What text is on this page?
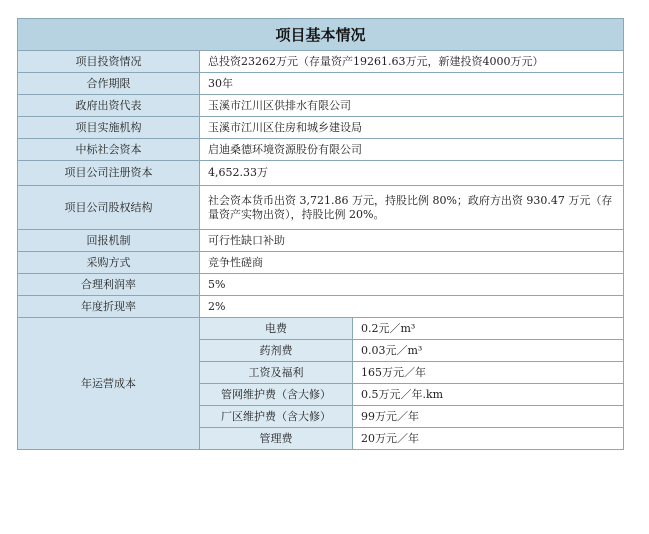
项目基本情况		
项目投资情况	总投资23262万元（存量资产19261.63万元，新建投资4000万元）	
合作期限	30年	
政府出资代表	玉溪市江川区供排水有限公司	
项目实施机构	玉溪市江川区住房和城乡建设局	
中标社会资本	启迪桑德环境资源股份有限公司	
项目公司注册资本	4,652.33万	
项目公司股权结构	社会资本货币出资 3,721.86 万元，持股比例 80%；政府方出资 930.47 万元（存量资产实物出资），持股比例 20%。	
回报机制	可行性缺口补助	
采购方式	竞争性磋商	
合理利润率	5%	
年度折现率	2%	
年运营成本	电费	0.2元／m³
	药剂费	0.03元／m³
	工资及福利	165万元／年
	管网维护费（含大修）	0.5万元／年.km
	厂区维护费（含大修）	99万元／年
	管理费	20万元／年
